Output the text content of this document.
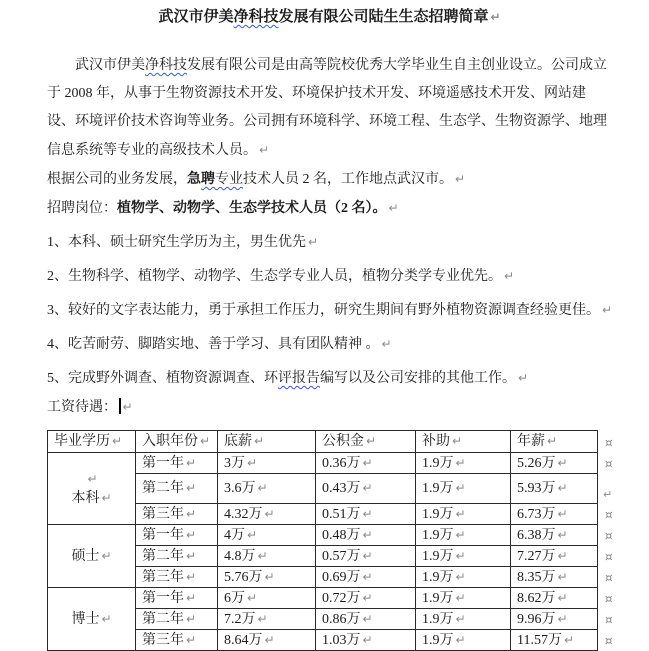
武汉市伊美净科技发展有限公司陆生生态招聘简章 ↵
武汉市伊美净科技发展有限公司是由高等院校优秀大学毕业生自主创业设立。公司成立于 2008 年，从事于生物资源技术开发、环境保护技术开发、环境遥感技术开发、网站建设、环境评价技术咨询等业务。公司拥有环境科学、环境工程、生态学、生物资源学、地理信息系统等专业的高级技术人员。 ↵
根据公司的业务发展，急聘专业技术人员 2 名，工作地点武汉市。 ↵
招聘岗位：植物学、动物学、生态学技术人员（2 名）。 ↵
1、本科、硕士研究生学历为主，男生优先 ↵
2、生物科学、植物学、动物学、生态学专业人员，植物分类学专业优先。 ↵
3、较好的文字表达能力，勇于承担工作压力，研究生期间有野外植物资源调查经验更佳。 ↵
4、吃苦耐劳、脚踏实地、善于学习、具有团队精神 。 ↵
5、完成野外调查、植物资源调查、环评报告编写以及公司安排的其他工作。 ↵
工资待遇： ↵
毕业学历 ↵	入职年份 ↵	底薪 ↵	公积金 ↵	补助 ↵	年薪 ↵	¤

↵
本科 ↵	第一年 ↵	3万 ↵	0.36万 ↵	1.9万 ↵	5.26万 ↵	¤
	第二年 ↵	3.6万 ↵	0.43万 ↵	1.9万 ↵	5.93万 ↵	↵
	第三年 ↵	4.32万 ↵	0.51万 ↵	1.9万 ↵	6.73万 ↵	¤

硕士 ↵	第一年 ↵	4万 ↵	0.48万 ↵	1.9万 ↵	6.38万 ↵	¤
	第二年 ↵	4.8万 ↵	0.57万 ↵	1.9万 ↵	7.27万 ↵	¤
	第三年 ↵	5.76万 ↵	0.69万 ↵	1.9万 ↵	8.35万 ↵	¤

博士 ↵	第一年 ↵	6万 ↵	0.72万 ↵	1.9万 ↵	8.62万 ↵	¤
	第二年 ↵	7.2万 ↵	0.86万 ↵	1.9万 ↵	9.96万 ↵	¤
	第三年 ↵	8.64万 ↵	1.03万 ↵	1.9万 ↵	11.57万 ↵	¤
